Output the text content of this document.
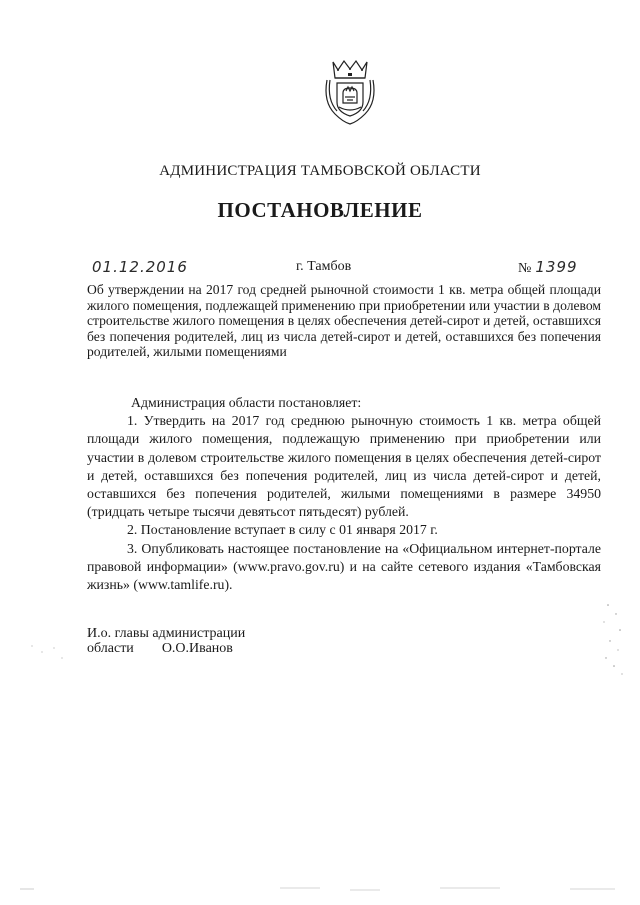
АДМИНИСТРАЦИЯ ТАМБОВСКОЙ ОБЛАСТИ
ПОСТАНОВЛЕНИЕ
01.12.2016	г. Тамбов	№ 1399
Об утверждении на 2017 год средней рыночной стоимости 1 кв. метра общей площади жилого помещения, подлежащей применению при приобретении или участии в долевом строительстве жилого помещения в целях обеспечения детей-сирот и детей, оставшихся без попечения родителей, лиц из числа детей-сирот и детей, оставшихся без попечения родителей, жилыми помещениями

Администрация области постановляет:

1. Утвердить на 2017 год среднюю рыночную стоимость 1 кв. метра общей площади жилого помещения, подлежащую применению при приобретении или участии в долевом строительстве жилого помещения в целях обеспечения детей-сирот и детей, оставшихся без попечения родителей, лиц из числа детей-сирот и детей, оставшихся без попечения родителей, жилыми помещениями в размере 34950 (тридцать четыре тысячи девятьсот пятьдесят) рублей.

2. Постановление вступает в силу с 01 января 2017 г.

3. Опубликовать настоящее постановление на «Официальном интернет-портале правовой информации» (www.pravo.gov.ru) и на сайте сетевого издания «Тамбовская жизнь» (www.tamlife.ru).

И.о. главы администрации
области О.О.Иванов
